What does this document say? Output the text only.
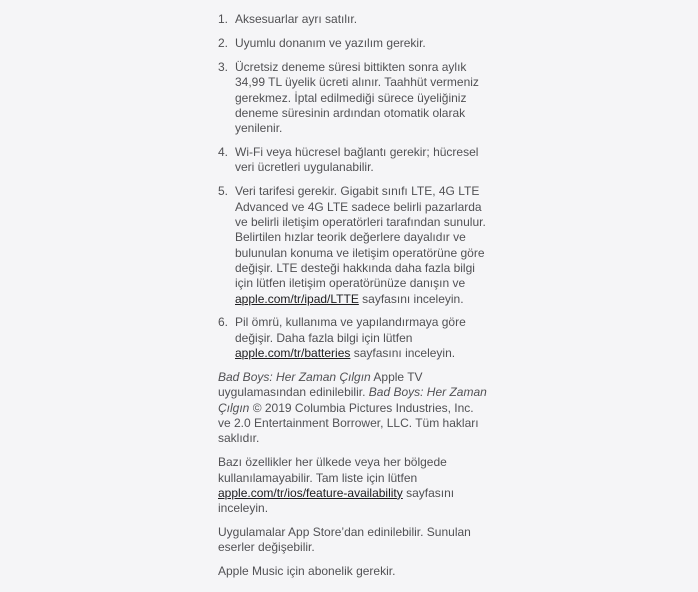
1. Aksesuarlar ayrı satılır.
2. Uyumlu donanım ve yazılım gerekir.
3. Ücretsiz deneme süresi bittikten sonra aylık 34,99 TL üyelik ücreti alınır. Taahhüt vermeniz gerekmez. İptal edilmediği sürece üyeliğiniz deneme süresinin ardından otomatik olarak yenilenir.
4. Wi-Fi veya hücresel bağlantı gerekir; hücresel veri ücretleri uygulanabilir.
5. Veri tarifesi gerekir. Gigabit sınıfı LTE, 4G LTE Advanced ve 4G LTE sadece belirli pazarlarda ve belirli iletişim operatörleri tarafından sunulur. Belirtilen hızlar teorik değerlere dayalıdır ve bulunulan konuma ve iletişim operatörüne göre değişir. LTE desteği hakkında daha fazla bilgi için lütfen iletişim operatörünüze danışın ve apple.com/tr/ipad/LTTE sayfasını inceleyin.
6. Pil ömrü, kullanıma ve yapılandırmaya göre değişir. Daha fazla bilgi için lütfen apple.com/tr/batteries sayfasını inceleyin.

Bad Boys: Her Zaman Çılgın Apple TV uygulamasından edinilebilir. Bad Boys: Her Zaman Çılgın © 2019 Columbia Pictures Industries, Inc. ve 2.0 Entertainment Borrower, LLC. Tüm hakları saklıdır.

Bazı özellikler her ülkede veya her bölgede kullanılamayabilir. Tam liste için lütfen apple.com/tr/ios/feature-availability sayfasını inceleyin.

Uygulamalar App Store’dan edinilebilir. Sunulan eserler değişebilir.

Apple Music için abonelik gerekir.
